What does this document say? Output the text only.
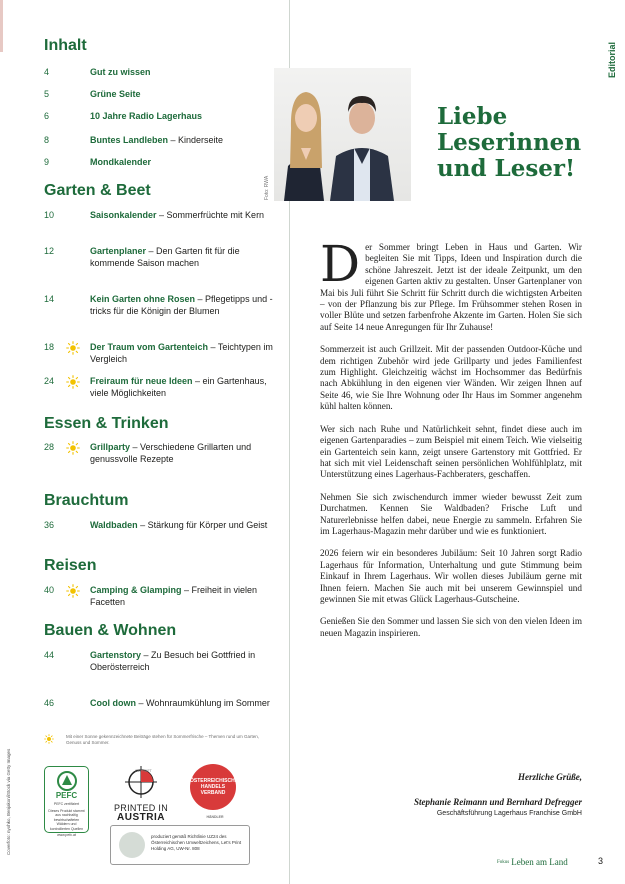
Inhalt
4	Gut zu wissen
5	Grüne Seite
6	10 Jahre Radio Lagerhaus
8	Buntes Landleben – Kinderseite
9	Mondkalender
Garten & Beet
10	Saisonkalender – Sommerfrüchte mit Kern
12	Gartenplaner – Den Garten fit für die kommende Saison machen
14	Kein Garten ohne Rosen – Pflegetipps und -tricks für die Königin der Blumen
18	Der Traum vom Gartenteich – Teichtypen im Vergleich
24	Freiraum für neue Ideen – ein Gartenhaus, viele Möglichkeiten
Essen & Trinken
28	Grillparty – Verschiedene Grillarten und genussvolle Rezepte
Brauchtum
36	Waldbaden – Stärkung für Körper und Geist
Reisen
40	Camping & Glamping – Freiheit in vielen Facetten
Bauen & Wohnen
44	Gartenstory – Zu Besuch bei Gottfried in Oberösterreich
46	Cool down – Wohnraumkühlung im Sommer
Mit einer Sonne gekennzeichnete Beiträge stehen für Sommerfrische – Themen rund um Garten, Genuss und Sommer.
PEFC
PEFC zertifiziert
Dieses Produkt stammt aus nachhaltig bewirtschafteten Wäldern und kontrollierten Quellen
www.pefc.at
PRINTED IN
AUSTRIA
GEPRÜFT
ÖSTERREICHISCHER HANDELS VERBAND
HÄNDLER
produziert gemäß Richtlinie UZ24 des Österreichischen Umweltzeichens, Let's Print Holding AG, UW-Nr. 808
Coverfoto: nyohko, Benjakon/iStock via Getty Images
Foto: RWA
Editorial
Liebe Leserinnen und Leser!

Der Sommer bringt Leben in Haus und Garten. Wir begleiten Sie mit Tipps, Ideen und Inspiration durch die schöne Jahreszeit. Jetzt ist der ideale Zeitpunkt, um den eigenen Garten aktiv zu gestalten. Unser Gartenplaner von Mai bis Juli führt Sie Schritt für Schritt durch die wichtigsten Arbeiten – von der Pflanzung bis zur Pflege. Im Frühsommer stehen Rosen in voller Blüte und setzen farbenfrohe Akzente im Garten. Holen Sie sich auf Seite 14 neue Anregungen für Ihr Zuhause!

Sommerzeit ist auch Grillzeit. Mit der passenden Outdoor-Küche und dem richtigen Zubehör wird jede Grillparty und jedes Familienfest zum Highlight. Gleichzeitig wächst im Hochsommer das Bedürfnis nach Abkühlung in den eigenen vier Wänden. Wir zeigen Ihnen auf Seite 46, wie Sie Ihre Wohnung oder Ihr Haus im Sommer angenehm kühl halten können.

Wer sich nach Ruhe und Natürlichkeit sehnt, findet diese auch im eigenen Gartenparadies – zum Beispiel mit einem Teich. Wie vielseitig ein Gartenteich sein kann, zeigt unsere Gartenstory mit Gottfried. Er hat sich mit viel Leidenschaft seinen persönlichen Wohlfühlplatz, mit Unterstützung eines Lagerhaus-Fachberaters, geschaffen.

Nehmen Sie sich zwischendurch immer wieder bewusst Zeit zum Durchatmen. Kennen Sie Waldbaden? Frische Luft und Naturerlebnisse helfen dabei, neue Energie zu sammeln. Erfahren Sie im Lagerhaus-Magazin mehr darüber und wie es funktioniert.

2026 feiern wir ein besonderes Jubiläum: Seit 10 Jahren sorgt Radio Lagerhaus für Information, Unterhaltung und gute Stimmung beim Einkauf in Ihrem Lagerhaus. Wir wollen dieses Jubiläum gerne mit Ihnen feiern. Machen Sie auch mit bei unserem Gewinnspiel und gewinnen Sie mit etwas Glück Lagerhaus-Gutscheine.

Genießen Sie den Sommer und lassen Sie sich von den vielen Ideen im neuen Magazin inspirieren.

Herzliche Grüße,
Stephanie Reimann und Bernhard Defregger
Geschäftsführung Lagerhaus Franchise GmbH
$^{Fokus}$ Leben am Land	3
